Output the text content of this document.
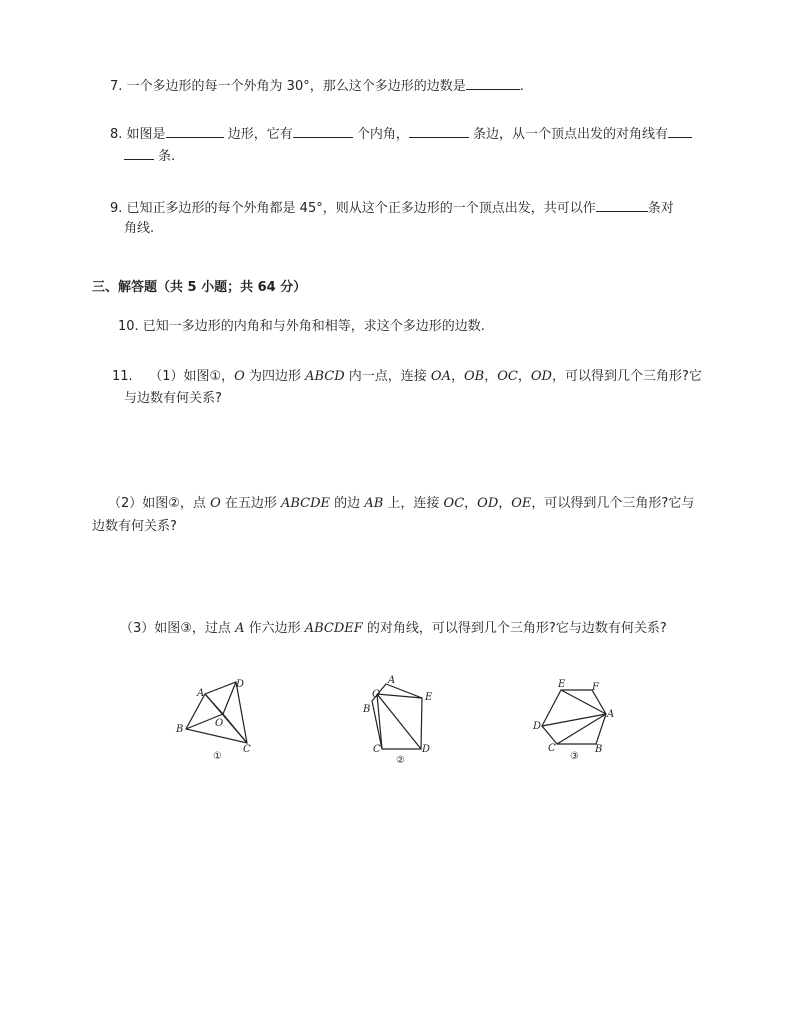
7. 一个多边形的每一个外角为 30°，那么这个多边形的边数是	.
8. 如图是	边形，它有	个内角，	条边，从一个顶点出发的对角线有
条.
9. 已知正多边形的每个外角都是 45°，则从这个正多边形的一个顶点出发，共可以作	条对
角线.
三、解答题（共 5 小题；共 64 分）
10. 已知一多边形的内角和与外角和相等，求这个多边形的边数.
11. （1）如图①，O 为四边形 ABCD 内一点，连接 OA，OB，OC，OD，可以得到几个三角形?它
与边数有何关系?
（2）如图②，点 O 在五边形 ABCDE 的边 AB 上，连接 OC，OD，OE，可以得到几个三角形?它与
边数有何关系?
（3）如图③，过点 A 作六边形 ABCDEF 的对角线，可以得到几个三角形?它与边数有何关系?
A
D
B
C
O
①
A
O
B
E
C	D
②
E	F
A
D
C	B
③
